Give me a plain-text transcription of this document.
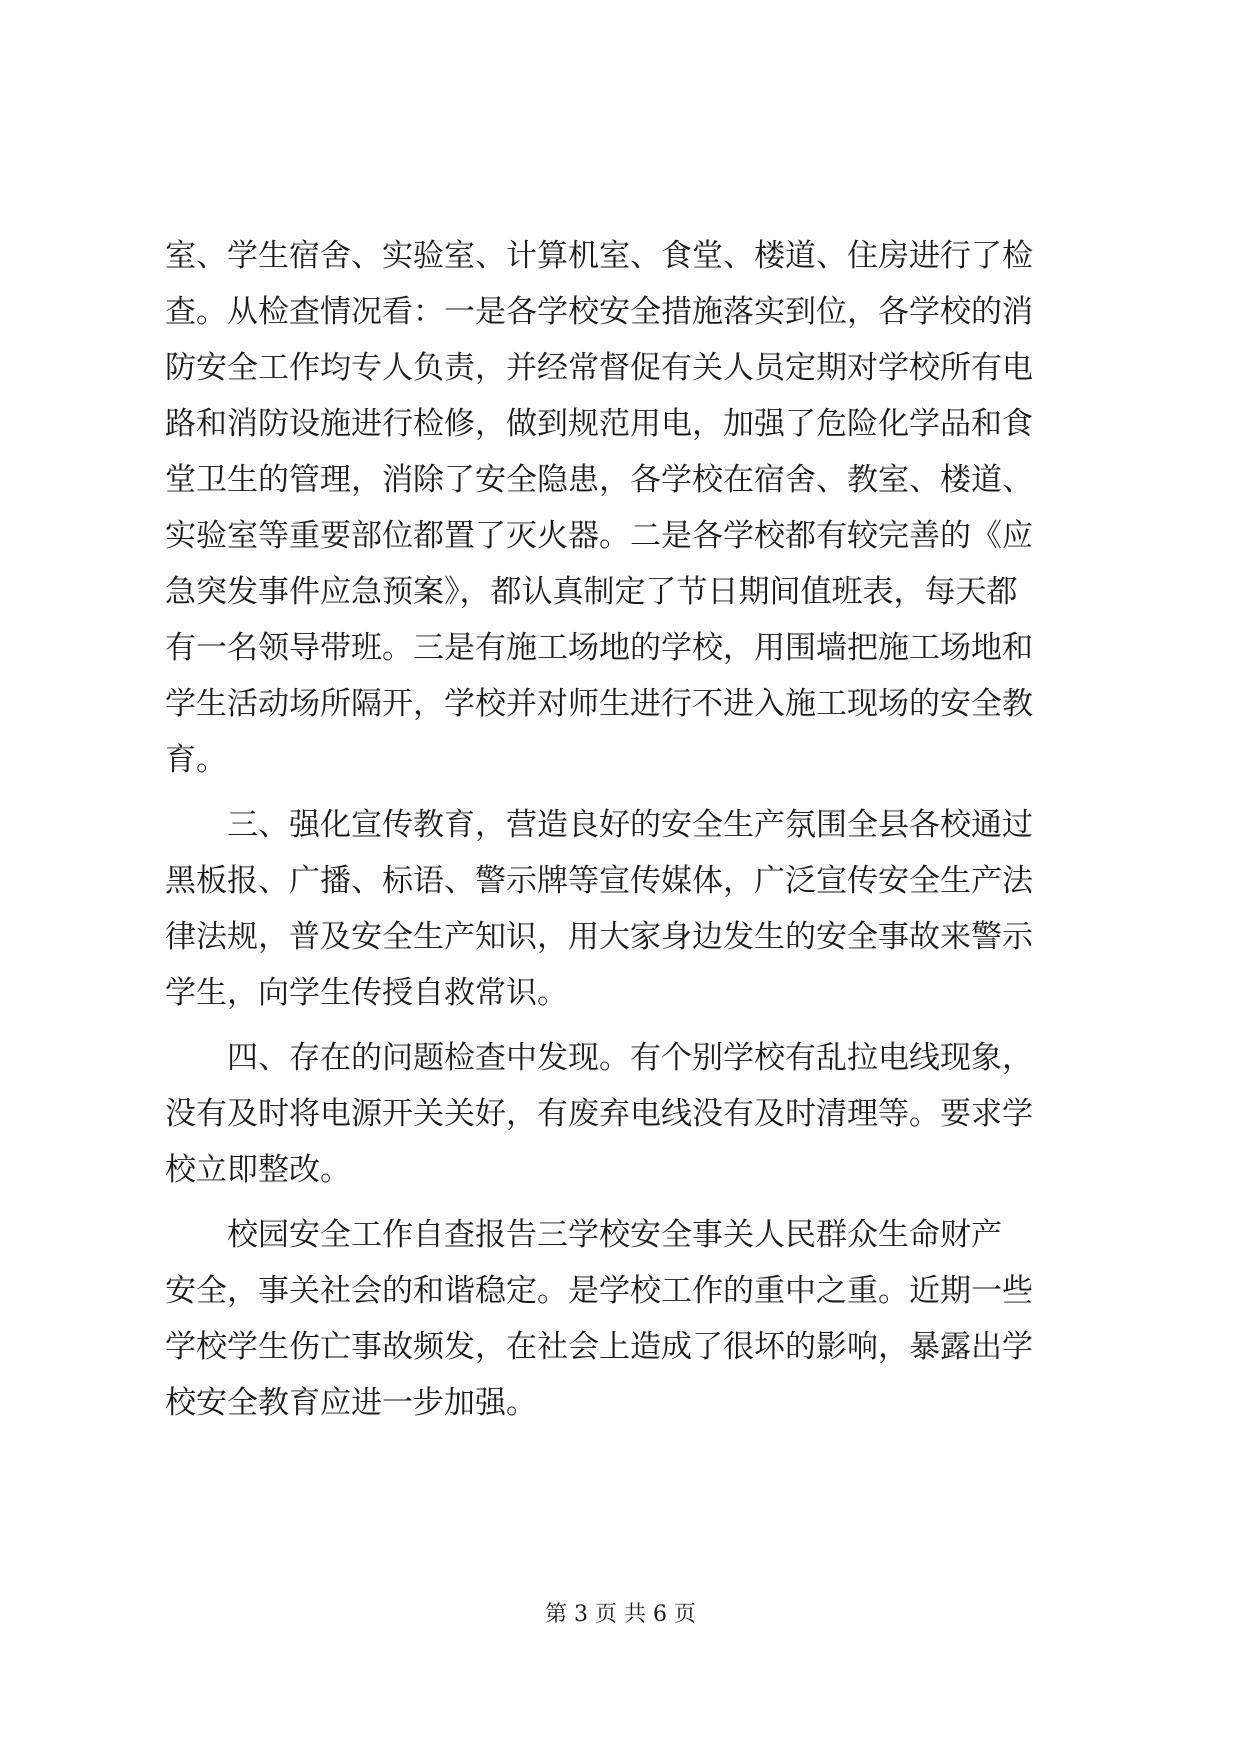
室、学生宿舍、实验室、计算机室、食堂、楼道、住房进行了检
查。从检查情况看：一是各学校安全措施落实到位，各学校的消
防安全工作均专人负责，并经常督促有关人员定期对学校所有电
路和消防设施进行检修，做到规范用电，加强了危险化学品和食
堂卫生的管理，消除了安全隐患，各学校在宿舍、教室、楼道、
实验室等重要部位都置了灭火器。二是各学校都有较完善的《应
急突发事件应急预案》，都认真制定了节日期间值班表，每天都
有一名领导带班。三是有施工场地的学校，用围墙把施工场地和
学生活动场所隔开，学校并对师生进行不进入施工现场的安全教
育。
三、强化宣传教育，营造良好的安全生产氛围全县各校通过
黑板报、广播、标语、警示牌等宣传媒体，广泛宣传安全生产法
律法规，普及安全生产知识，用大家身边发生的安全事故来警示
学生，向学生传授自救常识。
四、存在的问题检查中发现。有个别学校有乱拉电线现象，
没有及时将电源开关关好，有废弃电线没有及时清理等。要求学
校立即整改。
校园安全工作自查报告三学校安全事关人民群众生命财产
安全，事关社会的和谐稳定。是学校工作的重中之重。近期一些
学校学生伤亡事故频发，在社会上造成了很坏的影响，暴露出学
校安全教育应进一步加强。
第 3 页 共 6 页
